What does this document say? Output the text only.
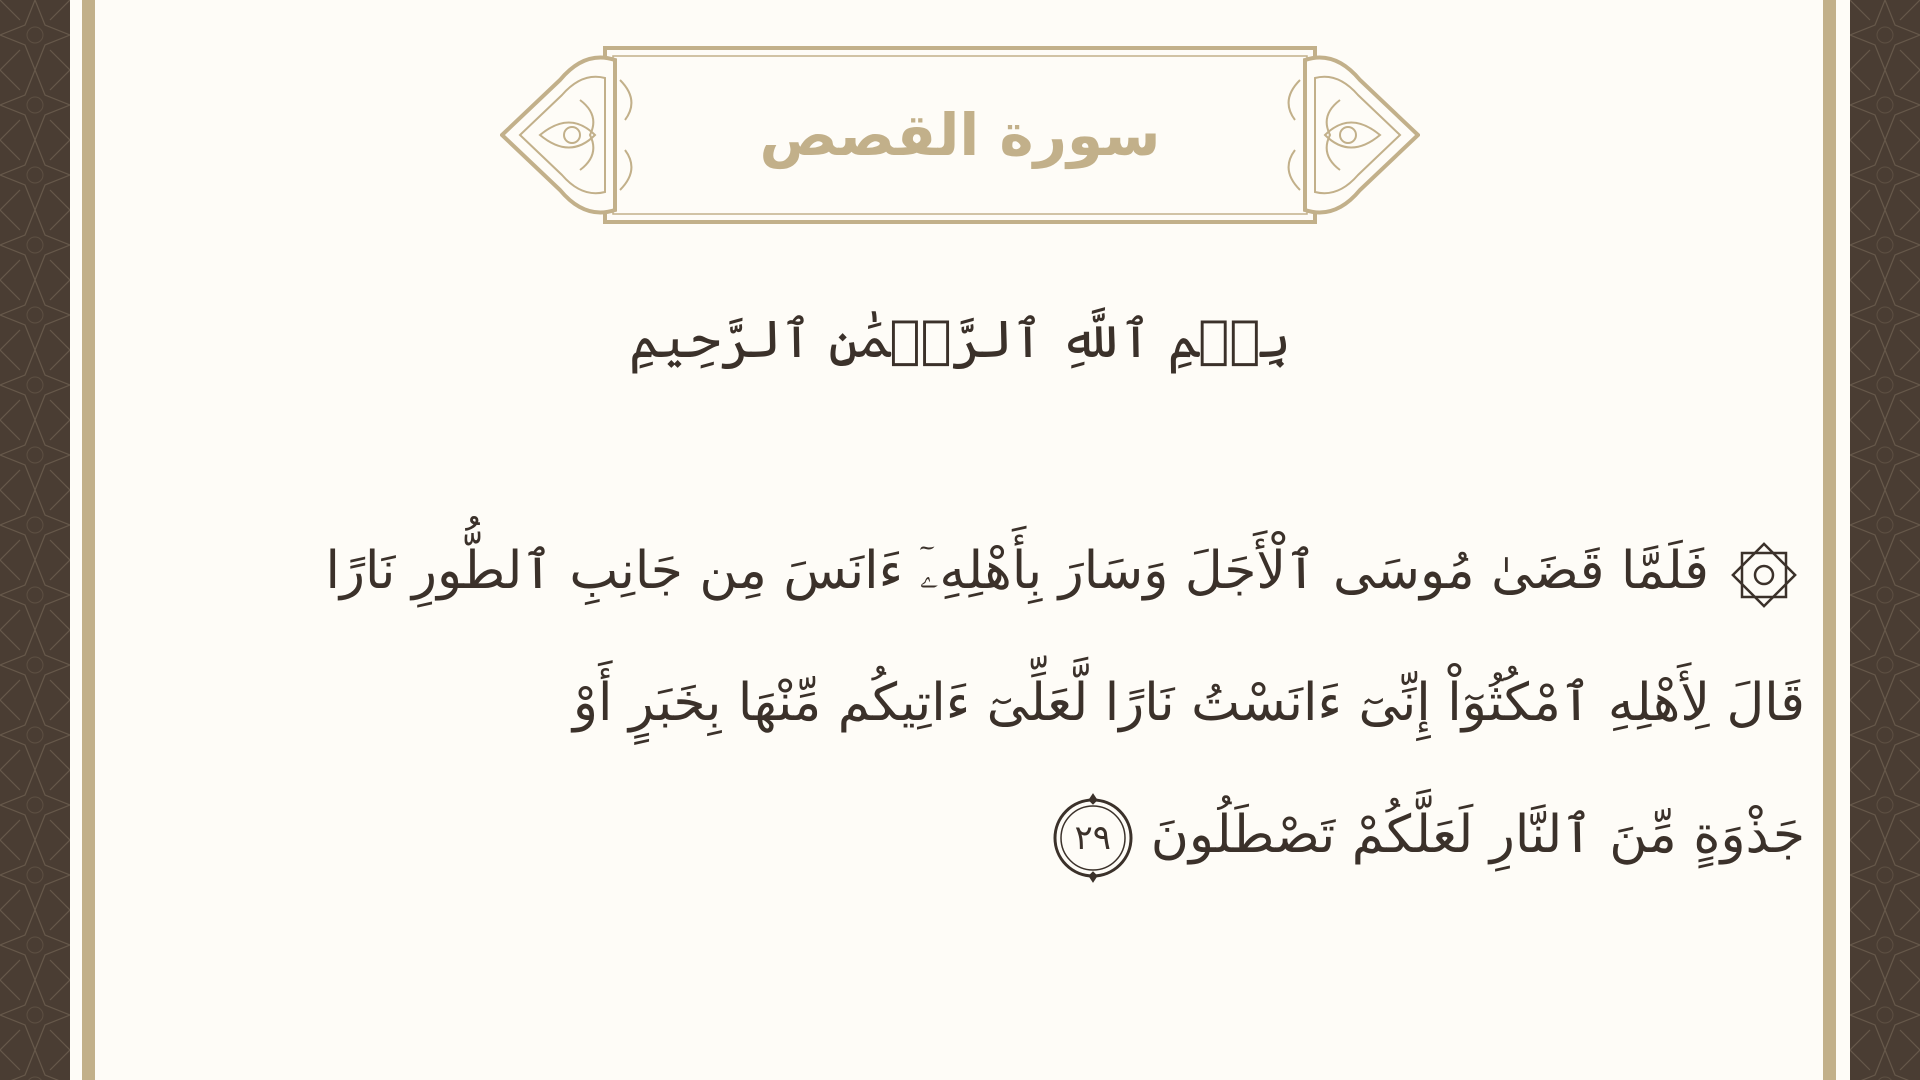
سورة القصص
بِسۡمِ ٱللَّهِ ٱلرَّحۡمَٰنِ ٱلرَّحِيمِ
فَلَمَّا قَضَىٰ مُوسَى ٱلْأَجَلَ وَسَارَ بِأَهْلِهِۦٓ ءَانَسَ مِن جَانِبِ ٱلطُّورِ نَارًا
قَالَ لِأَهْلِهِ ٱمْكُثُوٓاْ إِنِّىٓ ءَانَسْتُ نَارًا لَّعَلِّىٓ ءَاتِيكُم مِّنْهَا بِخَبَرٍ أَوْ
جَذْوَةٍ مِّنَ ٱلنَّارِ لَعَلَّكُمْ تَصْطَلُونَ
٢٩
